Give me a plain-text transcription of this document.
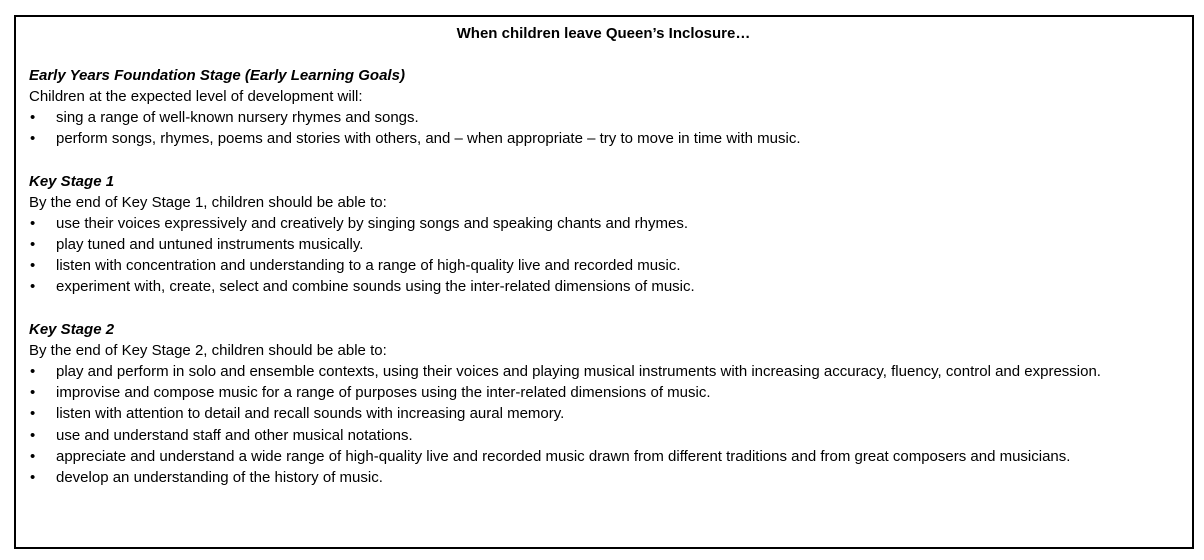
When children leave Queen’s Inclosure…
Early Years Foundation Stage (Early Learning Goals)
Children at the expected level of development will:
• sing a range of well-known nursery rhymes and songs.
• perform songs, rhymes, poems and stories with others, and – when appropriate – try to move in time with music.
Key Stage 1
By the end of Key Stage 1, children should be able to:
• use their voices expressively and creatively by singing songs and speaking chants and rhymes.
• play tuned and untuned instruments musically.
• listen with concentration and understanding to a range of high-quality live and recorded music.
• experiment with, create, select and combine sounds using the inter-related dimensions of music.
Key Stage 2
By the end of Key Stage 2, children should be able to:
• play and perform in solo and ensemble contexts, using their voices and playing musical instruments with increasing accuracy, fluency, control and expression.
• improvise and compose music for a range of purposes using the inter-related dimensions of music.
• listen with attention to detail and recall sounds with increasing aural memory.
• use and understand staff and other musical notations.
• appreciate and understand a wide range of high-quality live and recorded music drawn from different traditions and from great composers and musicians.
• develop an understanding of the history of music.
